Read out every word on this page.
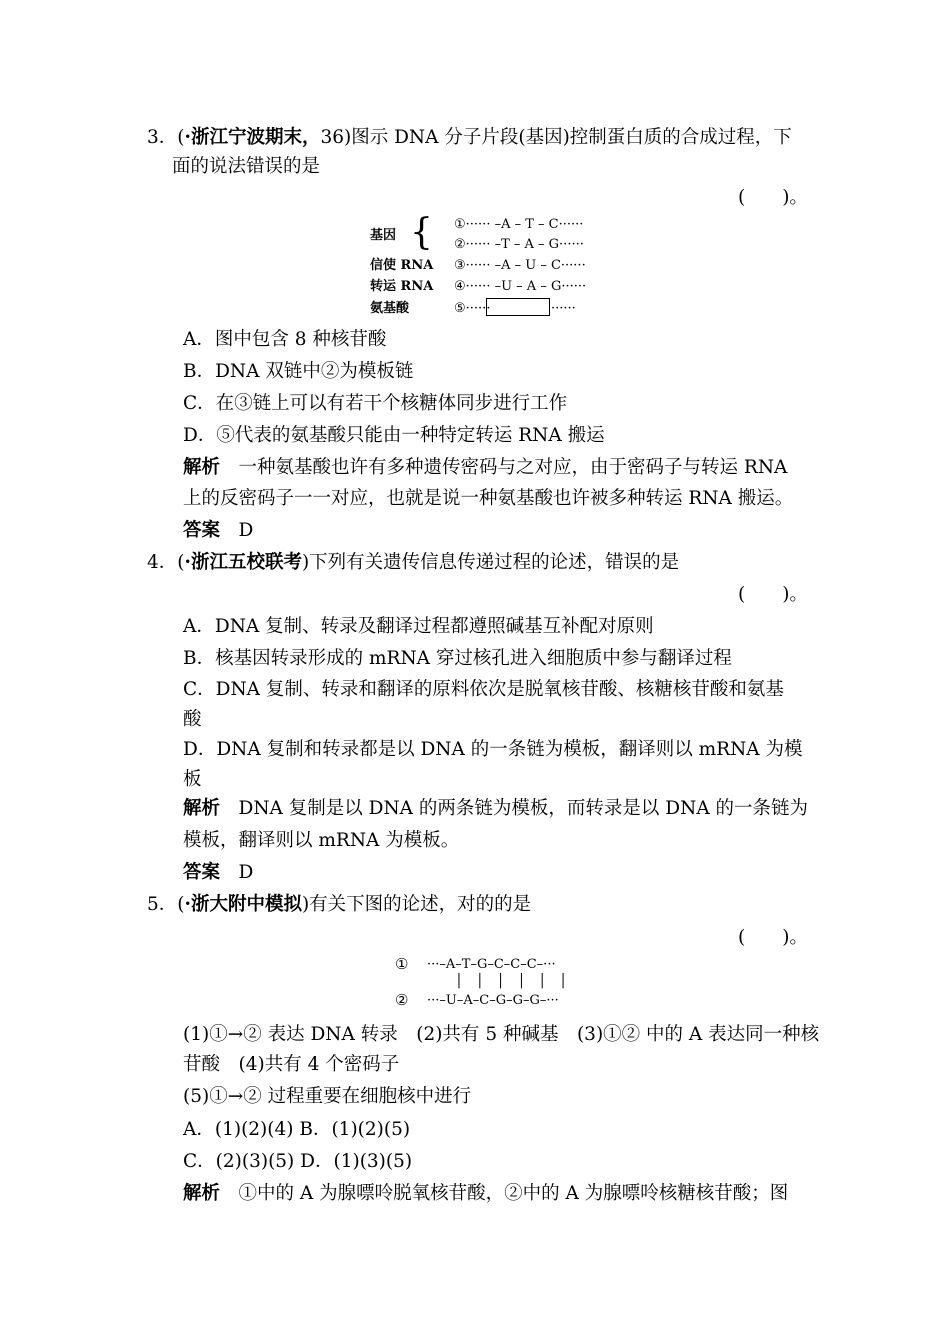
3．(·浙江宁波期末，36)图示 DNA 分子片段(基因)控制蛋白质的合成过程，下
面的说法错误的是
(　　)。
基因 { ①······ –A – T – C······
②······ –T – A – G······
信使 RNA ③······ –A – U – C······
转运 RNA ④······ –U – A – G······
氨基酸	⑤······	······
A．图中包含 8 种核苷酸
B．DNA 双链中②为模板链
C．在③链上可以有若干个核糖体同步进行工作
D．⑤代表的氨基酸只能由一种特定转运 RNA 搬运
解析　一种氨基酸也许有多种遗传密码与之对应，由于密码子与转运 RNA
上的反密码子一一对应，也就是说一种氨基酸也许被多种转运 RNA 搬运。
答案　D
4．(·浙江五校联考)下列有关遗传信息传递过程的论述，错误的是
(　　)。
A．DNA 复制、转录及翻译过程都遵照碱基互补配对原则
B．核基因转录形成的 mRNA 穿过核孔进入细胞质中参与翻译过程
C．DNA 复制、转录和翻译的原料依次是脱氧核苷酸、核糖核苷酸和氨基
酸
D．DNA 复制和转录都是以 DNA 的一条链为模板，翻译则以 mRNA 为模
板
解析　DNA 复制是以 DNA 的两条链为模板，而转录是以 DNA 的一条链为
模板，翻译则以 mRNA 为模板。
答案　D
5．(·浙大附中模拟)有关下图的论述，对的的是
(　　)。
① ···–A–T–G–C–C–C–···
│　│　│　│　│　│
② ···–U–A–C–G–G–G–···
(1)①→② 表达 DNA 转录　(2)共有 5 种碱基　(3)①② 中的 A 表达同一种核
苷酸　(4)共有 4 个密码子
(5)①→② 过程重要在细胞核中进行
A．(1)(2)(4) B．(1)(2)(5)
C．(2)(3)(5) D．(1)(3)(5)
解析　①中的 A 为腺嘌呤脱氧核苷酸，②中的 A 为腺嘌呤核糖核苷酸；图
